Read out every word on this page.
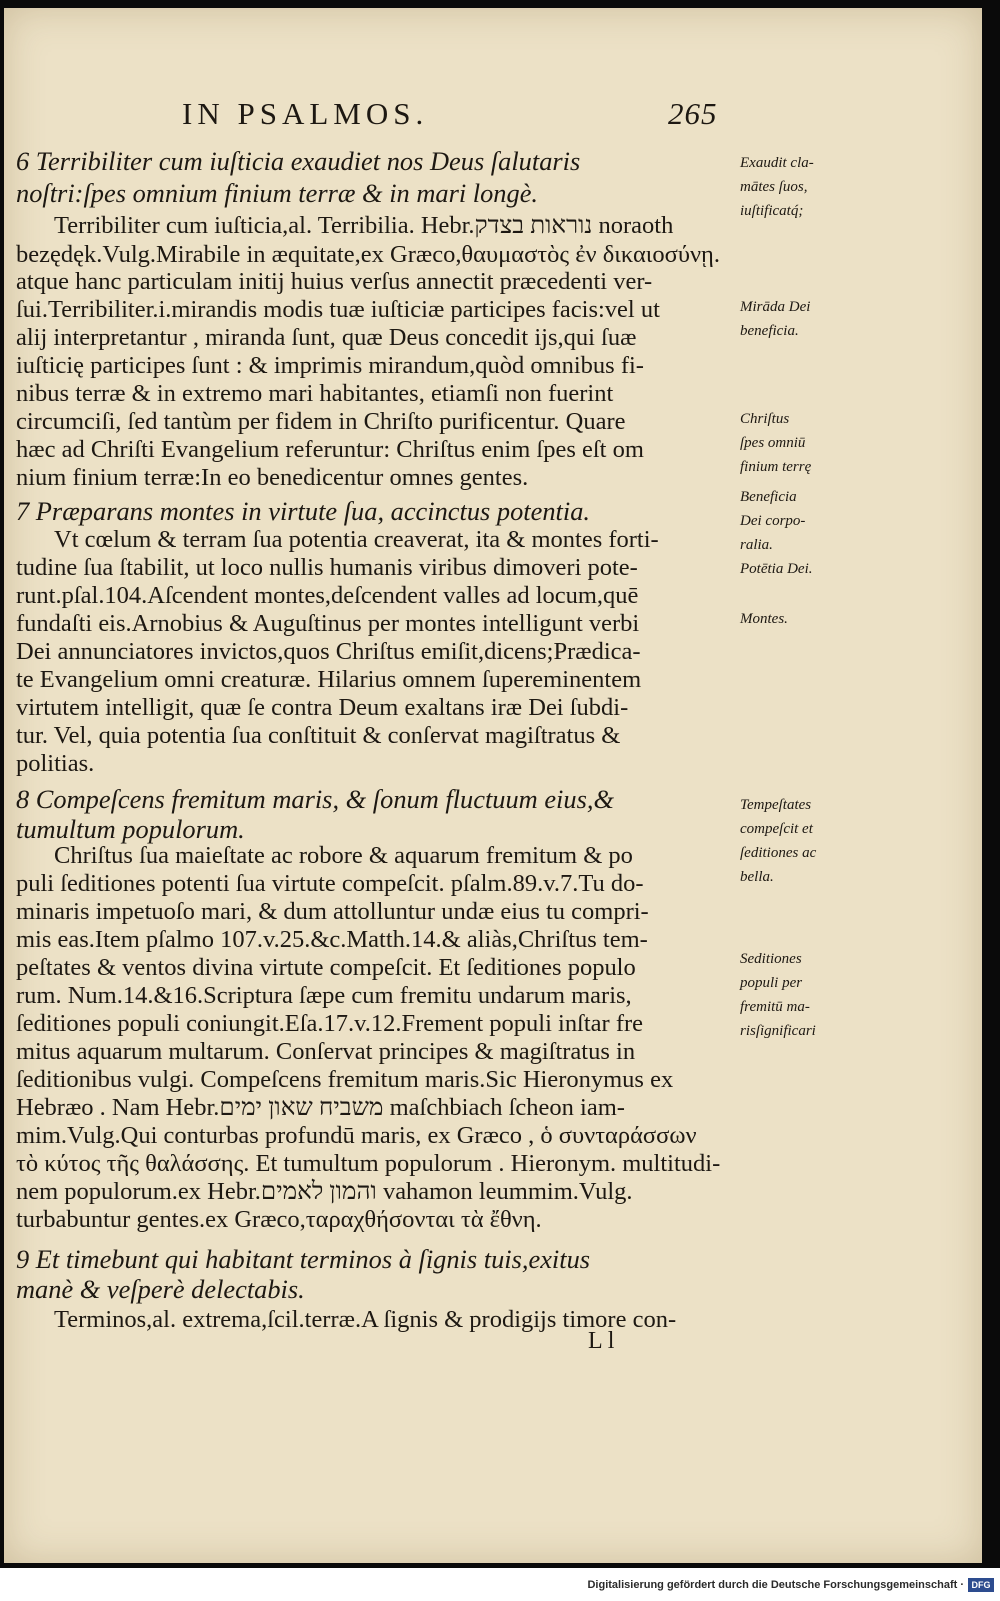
IN PSALMOS.	265
6 Terribiliter cum iuſticia exaudiet nos Deus ſalutaris
noſtri:ſpes omnium finium terræ & in mari longè.
Terribiliter cum iuſticia,al. Terribilia. Hebr.נוראות בצדק noraoth
bezędęk.Vulg.Mirabile in æquitate,ex Græco,θαυμαστὸς ἐν δικαιοσύνῃ.
atque hanc particulam initij huius verſus annectit præcedenti ver-
ſui.Terribiliter.i.mirandis modis tuæ iuſticiæ participes facis:vel ut
alij interpretantur , miranda ſunt, quæ Deus concedit ijs,qui ſuæ
iuſticię participes ſunt : & imprimis mirandum,quòd omnibus fi-
nibus terræ & in extremo mari habitantes, etiamſi non fuerint
circumciſi, ſed tantùm per fidem in Chriſto purificentur. Quare
hæc ad Chriſti Evangelium referuntur: Chriſtus enim ſpes eſt om
nium finium terræ:In eo benedicentur omnes gentes.
7 Præparans montes in virtute ſua, accinctus potentia.
Vt cœlum & terram ſua potentia creaverat, ita & montes forti-
tudine ſua ſtabilit, ut loco nullis humanis viribus dimoveri pote-
runt.pſal.104.Aſcendent montes,deſcendent valles ad locum,quē
fundaſti eis.Arnobius & Auguſtinus per montes intelligunt verbi
Dei annunciatores invictos,quos Chriſtus emiſit,dicens;Prædica-
te Evangelium omni creaturæ. Hilarius omnem ſupereminentem
virtutem intelligit, quæ ſe contra Deum exaltans iræ Dei ſubdi-
tur. Vel, quia potentia ſua conſtituit & conſervat magiſtratus &
politias.
8 Compeſcens fremitum maris, & ſonum fluctuum eius,&
tumultum populorum.
Chriſtus ſua maieſtate ac robore & aquarum fremitum & po
puli ſeditiones potenti ſua virtute compeſcit. pſalm.89.v.7.Tu do-
minaris impetuoſo mari, & dum attolluntur undæ eius tu compri-
mis eas.Item pſalmo 107.v.25.&c.Matth.14.& aliàs,Chriſtus tem-
peſtates & ventos divina virtute compeſcit. Et ſeditiones populo
rum. Num.14.&16.Scriptura ſæpe cum fremitu undarum maris,
ſeditiones populi coniungit.Eſa.17.v.12.Frement populi inſtar fre
mitus aquarum multarum. Conſervat principes & magiſtratus in
ſeditionibus vulgi. Compeſcens fremitum maris.Sic Hieronymus ex
Hebræo . Nam Hebr.משביח שאון ימים maſchbiach ſcheon iam-
mim.Vulg.Qui conturbas profundū maris, ex Græco , ὁ συνταράσσων
τὸ κύτος τῆς θαλάσσης. Et tumultum populorum . Hieronym. multitudi-
nem populorum.ex Hebr.והמון לאמים vahamon leummim.Vulg.
turbabuntur gentes.ex Græco,ταραχθήσονται τὰ ἔθνη.
9 Et timebunt qui habitant terminos à ſignis tuis,exitus
manè & veſperè delectabis.
Terminos,al. extrema,ſcil.terræ.A ſignis & prodigijs timore con-
Exaudit cla-
mātes ſuos,
iuſtificatq́;
Mirāda Dei
beneficia.
Chriſtus
ſpes omniū
finium terrę
Beneficia
Dei corpo-
ralia.
Potētia Dei.
Montes.
Tempeſtates
compeſcit et
ſeditiones ac
bella.
Seditiones
populi per
fremitū ma-
risſignificari
L l
Digitalisierung gefördert durch die Deutsche Forschungsgemeinschaft · DFG
